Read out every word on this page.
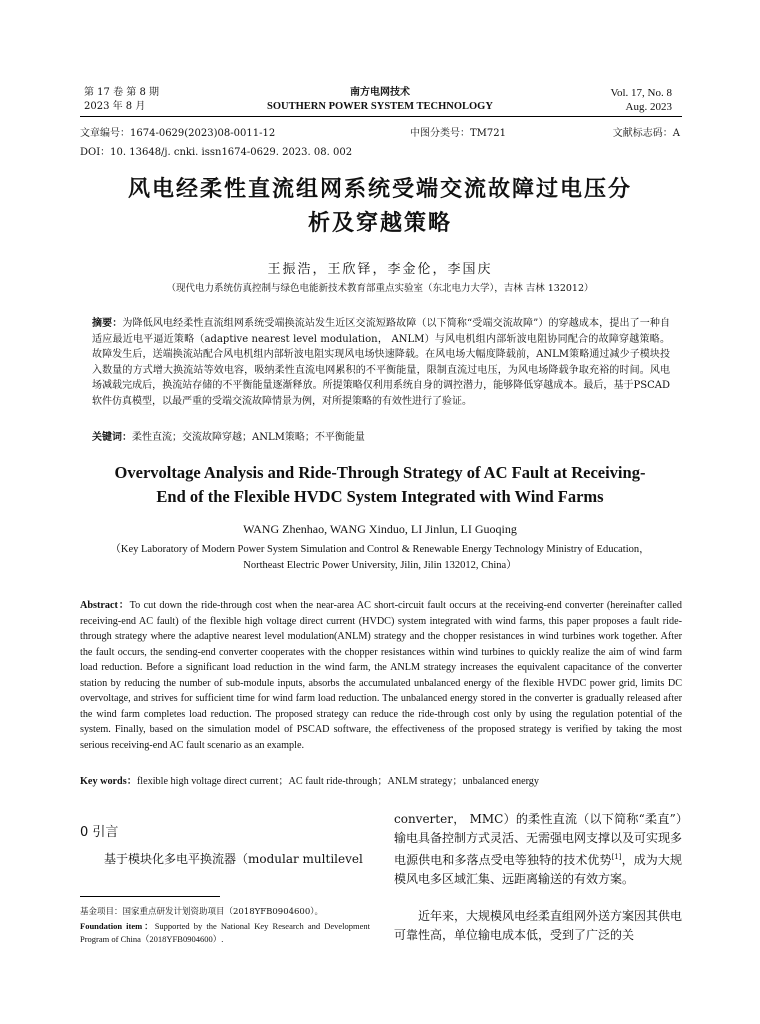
第 17 卷 第 8 期
2023 年 8 月
南方电网技术
SOUTHERN POWER SYSTEM TECHNOLOGY
Vol. 17, No. 8
Aug. 2023
文章编号：1674-0629(2023)08-0011-12	中图分类号：TM721	文献标志码：A
DOI：10. 13648/j. cnki. issn1674-0629. 2023. 08. 002
风电经柔性直流组网系统受端交流故障过电压分
析及穿越策略
王振浩，王欣铎，李金伦，李国庆
（现代电力系统仿真控制与绿色电能新技术教育部重点实验室（东北电力大学），吉林 吉林 132012）
摘要：为降低风电经柔性直流组网系统受端换流站发生近区交流短路故障（以下简称“受端交流故障”）的穿越成本，提出了一种自适应最近电平逼近策略（adaptive nearest level modulation， ANLM）与风电机组内部斩波电阻协同配合的故障穿越策略。故障发生后，送端换流站配合风电机组内部斩波电阻实现风电场快速降载。在风电场大幅度降载前，ANLM策略通过减少子模块投入数量的方式增大换流站等效电容，吸纳柔性直流电网累积的不平衡能量，限制直流过电压，为风电场降载争取充裕的时间。风电场减载完成后，换流站存储的不平衡能量逐渐释放。所提策略仅利用系统自身的调控潜力，能够降低穿越成本。最后，基于PSCAD软件仿真模型，以最严重的受端交流故障情景为例，对所提策略的有效性进行了验证。
关键词：柔性直流；交流故障穿越；ANLM策略；不平衡能量
Overvoltage Analysis and Ride-Through Strategy of AC Fault at Receiving-
End of the Flexible HVDC System Integrated with Wind Farms
WANG Zhenhao, WANG Xinduo, LI Jinlun, LI Guoqing
（Key Laboratory of Modern Power System Simulation and Control & Renewable Energy Technology Ministry of Education，
Northeast Electric Power University, Jilin, Jilin 132012, China）
Abstract：To cut down the ride-through cost when the near-area AC short-circuit fault occurs at the receiving-end converter (hereinafter called receiving-end AC fault) of the flexible high voltage direct current (HVDC) system integrated with wind farms, this paper proposes a fault ride-through strategy where the adaptive nearest level modulation(ANLM) strategy and the chopper resistances in wind turbines work together. After the fault occurs, the sending-end converter cooperates with the chopper resistances within wind turbines to quickly realize the aim of wind farm load reduction. Before a significant load reduction in the wind farm, the ANLM strategy increases the equivalent capacitance of the converter station by reducing the number of sub-module inputs, absorbs the accumulated unbalanced energy of the flexible HVDC power grid, limits DC overvoltage, and strives for sufficient time for wind farm load reduction. The unbalanced energy stored in the converter is gradually released after the wind farm completes load reduction. The proposed strategy can reduce the ride-through cost only by using the regulation potential of the system. Finally, based on the simulation model of PSCAD software, the effectiveness of the proposed strategy is verified by taking the most serious receiving-end AC fault scenario as an example.
Key words：flexible high voltage direct current；AC fault ride-through；ANLM strategy；unbalanced energy
0 引言
基于模块化多电平换流器（modular multilevel
基金项目：国家重点研发计划资助项目（2018YFB0904600）。
Foundation item：Supported by the National Key Research and Development Program of China（2018YFB0904600）.
converter， MMC）的柔性直流（以下简称“柔直”）输电具备控制方式灵活、无需强电网支撑以及可实现多电源供电和多落点受电等独特的技术优势[1]，成为大规模风电多区域汇集、远距离输送的有效方案。
近年来，大规模风电经柔直组网外送方案因其供电可靠性高，单位输电成本低，受到了广泛的关
